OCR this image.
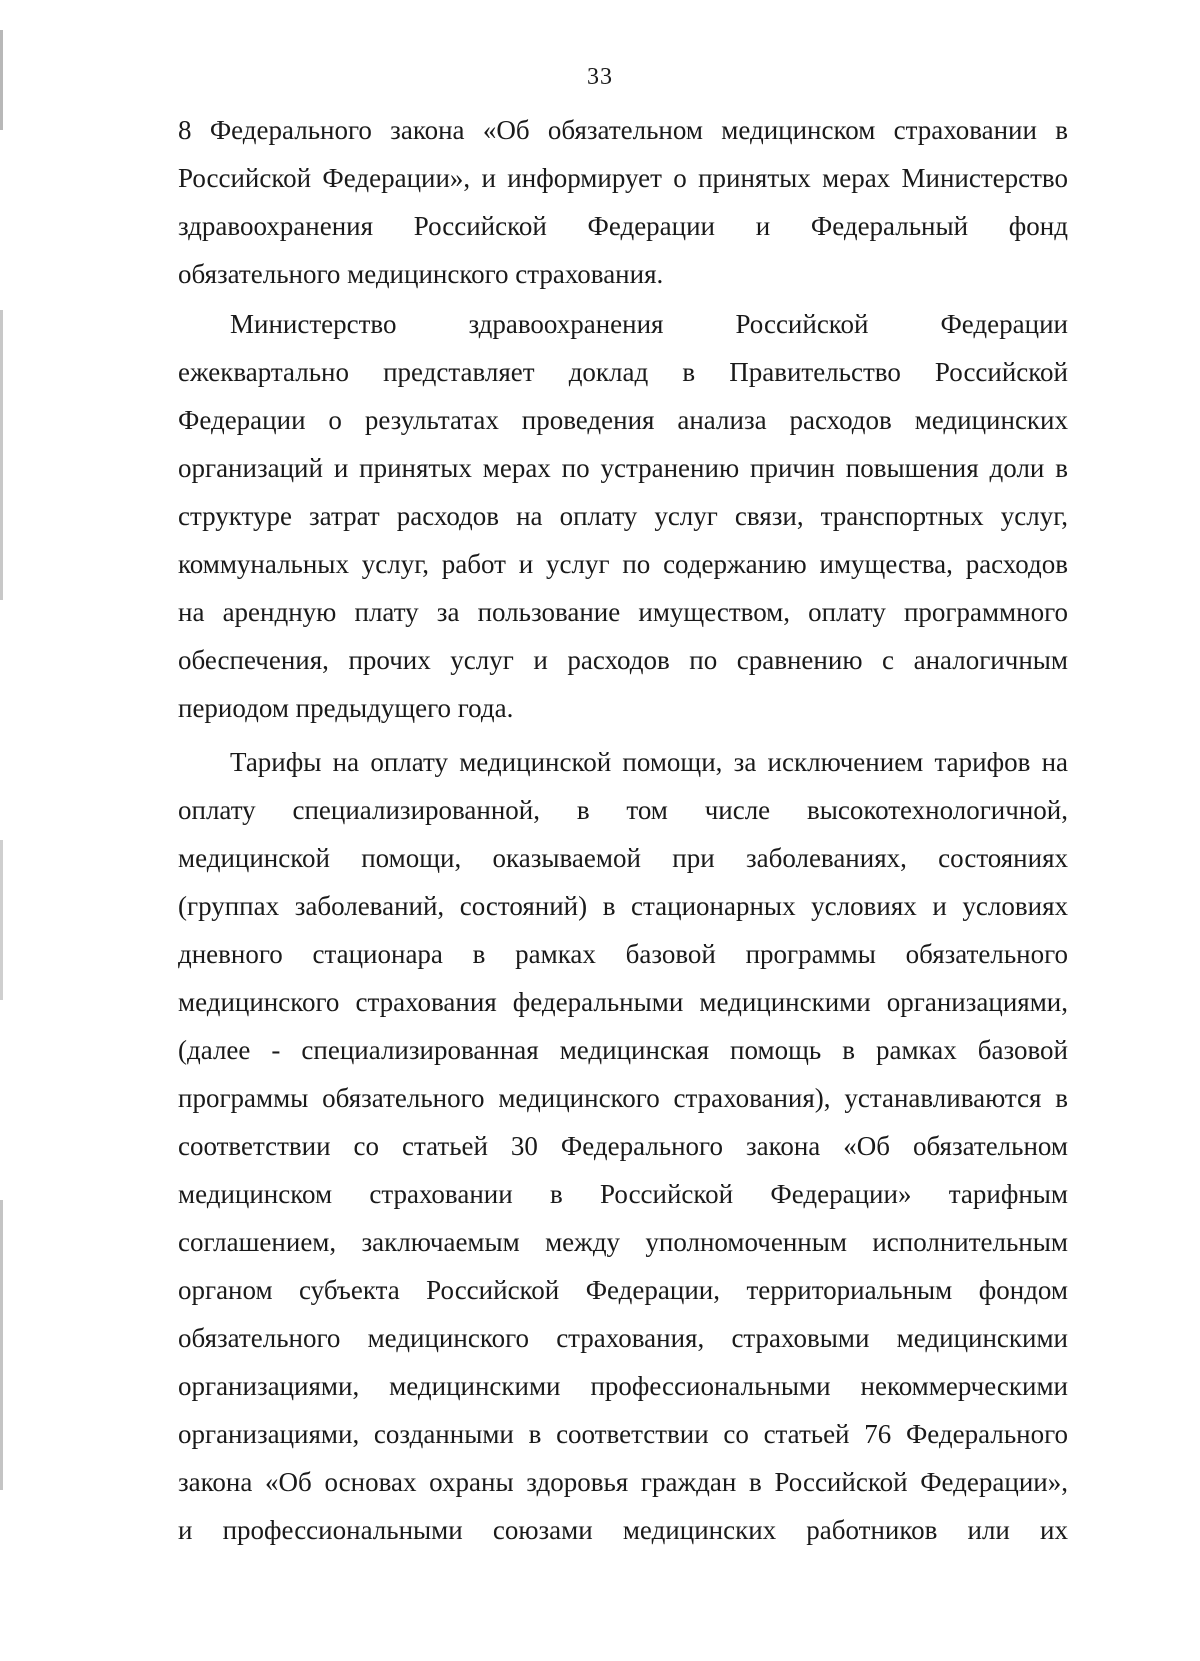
33

8 Федерального закона «Об обязательном медицинском страховании в
Российской Федерации», и информирует о принятых мерах Министерство
здравоохранения Российской Федерации и Федеральный фонд
обязательного медицинского страхования.

Министерство здравоохранения Российской Федерации
ежеквартально представляет доклад в Правительство Российской
Федерации о результатах проведения анализа расходов медицинских
организаций и принятых мерах по устранению причин повышения доли в
структуре затрат расходов на оплату услуг связи, транспортных услуг,
коммунальных услуг, работ и услуг по содержанию имущества, расходов
на арендную плату за пользование имуществом, оплату программного
обеспечения, прочих услуг и расходов по сравнению с аналогичным
периодом предыдущего года.

Тарифы на оплату медицинской помощи, за исключением тарифов на
оплату специализированной, в том числе высокотехнологичной,
медицинской помощи, оказываемой при заболеваниях, состояниях
(группах заболеваний, состояний) в стационарных условиях и условиях
дневного стационара в рамках базовой программы обязательного
медицинского страхования федеральными медицинскими организациями,
(далее - специализированная медицинская помощь в рамках базовой
программы обязательного медицинского страхования), устанавливаются в
соответствии со статьей 30 Федерального закона «Об обязательном
медицинском страховании в Российской Федерации» тарифным
соглашением, заключаемым между уполномоченным исполнительным
органом субъекта Российской Федерации, территориальным фондом
обязательного медицинского страхования, страховыми медицинскими
организациями, медицинскими профессиональными некоммерческими
организациями, созданными в соответствии со статьей 76 Федерального
закона «Об основах охраны здоровья граждан в Российской Федерации»,
и профессиональными союзами медицинских работников или их
